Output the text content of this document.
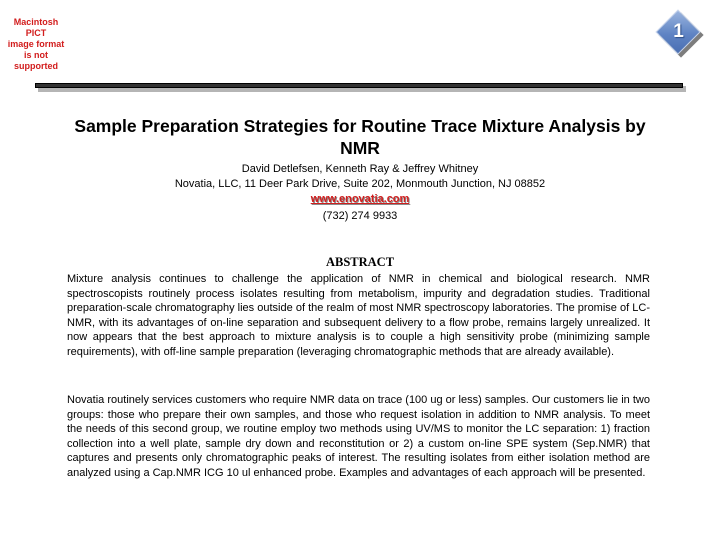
Macintosh PICT
image format
is not supported
1
Sample Preparation Strategies for Routine Trace Mixture Analysis by NMR
David Detlefsen, Kenneth Ray & Jeffrey Whitney
Novatia, LLC, 11 Deer Park Drive, Suite 202, Monmouth Junction, NJ 08852
www.enovatia.com
(732) 274 9933
ABSTRACT

Mixture analysis continues to challenge the application of NMR in chemical and biological research. NMR spectroscopists routinely process isolates resulting from metabolism, impurity and degradation studies. Traditional preparation-scale chromatography lies outside of the realm of most NMR spectroscopy laboratories. The promise of LC-NMR, with its advantages of on-line separation and subsequent delivery to a flow probe, remains largely unrealized. It now appears that the best approach to mixture analysis is to couple a high sensitivity probe (minimizing sample requirements), with off-line sample preparation (leveraging chromatographic methods that are already available).

Novatia routinely services customers who require NMR data on trace (100 ug or less) samples. Our customers lie in two groups: those who prepare their own samples, and those who request isolation in addition to NMR analysis. To meet the needs of this second group, we routine employ two methods using UV/MS to monitor the LC separation: 1) fraction collection into a well plate, sample dry down and reconstitution or 2) a custom on-line SPE system (Sep.NMR) that captures and presents only chromatographic peaks of interest. The resulting isolates from either isolation method are analyzed using a Cap.NMR ICG 10 ul enhanced probe. Examples and advantages of each approach will be presented.
